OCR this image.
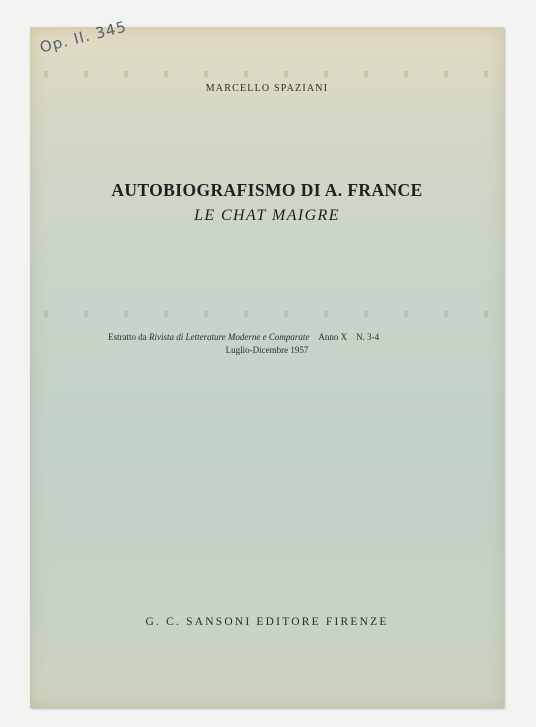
Op. II. 345
MARCELLO SPAZIANI
AUTOBIOGRAFISMO DI A. FRANCE
LE CHAT MAIGRE
Estratto da Rivista di Letterature Moderne e Comparate Anno X N. 3-4
Luglio-Dicembre 1957
G. C. SANSONI EDITORE FIRENZE
